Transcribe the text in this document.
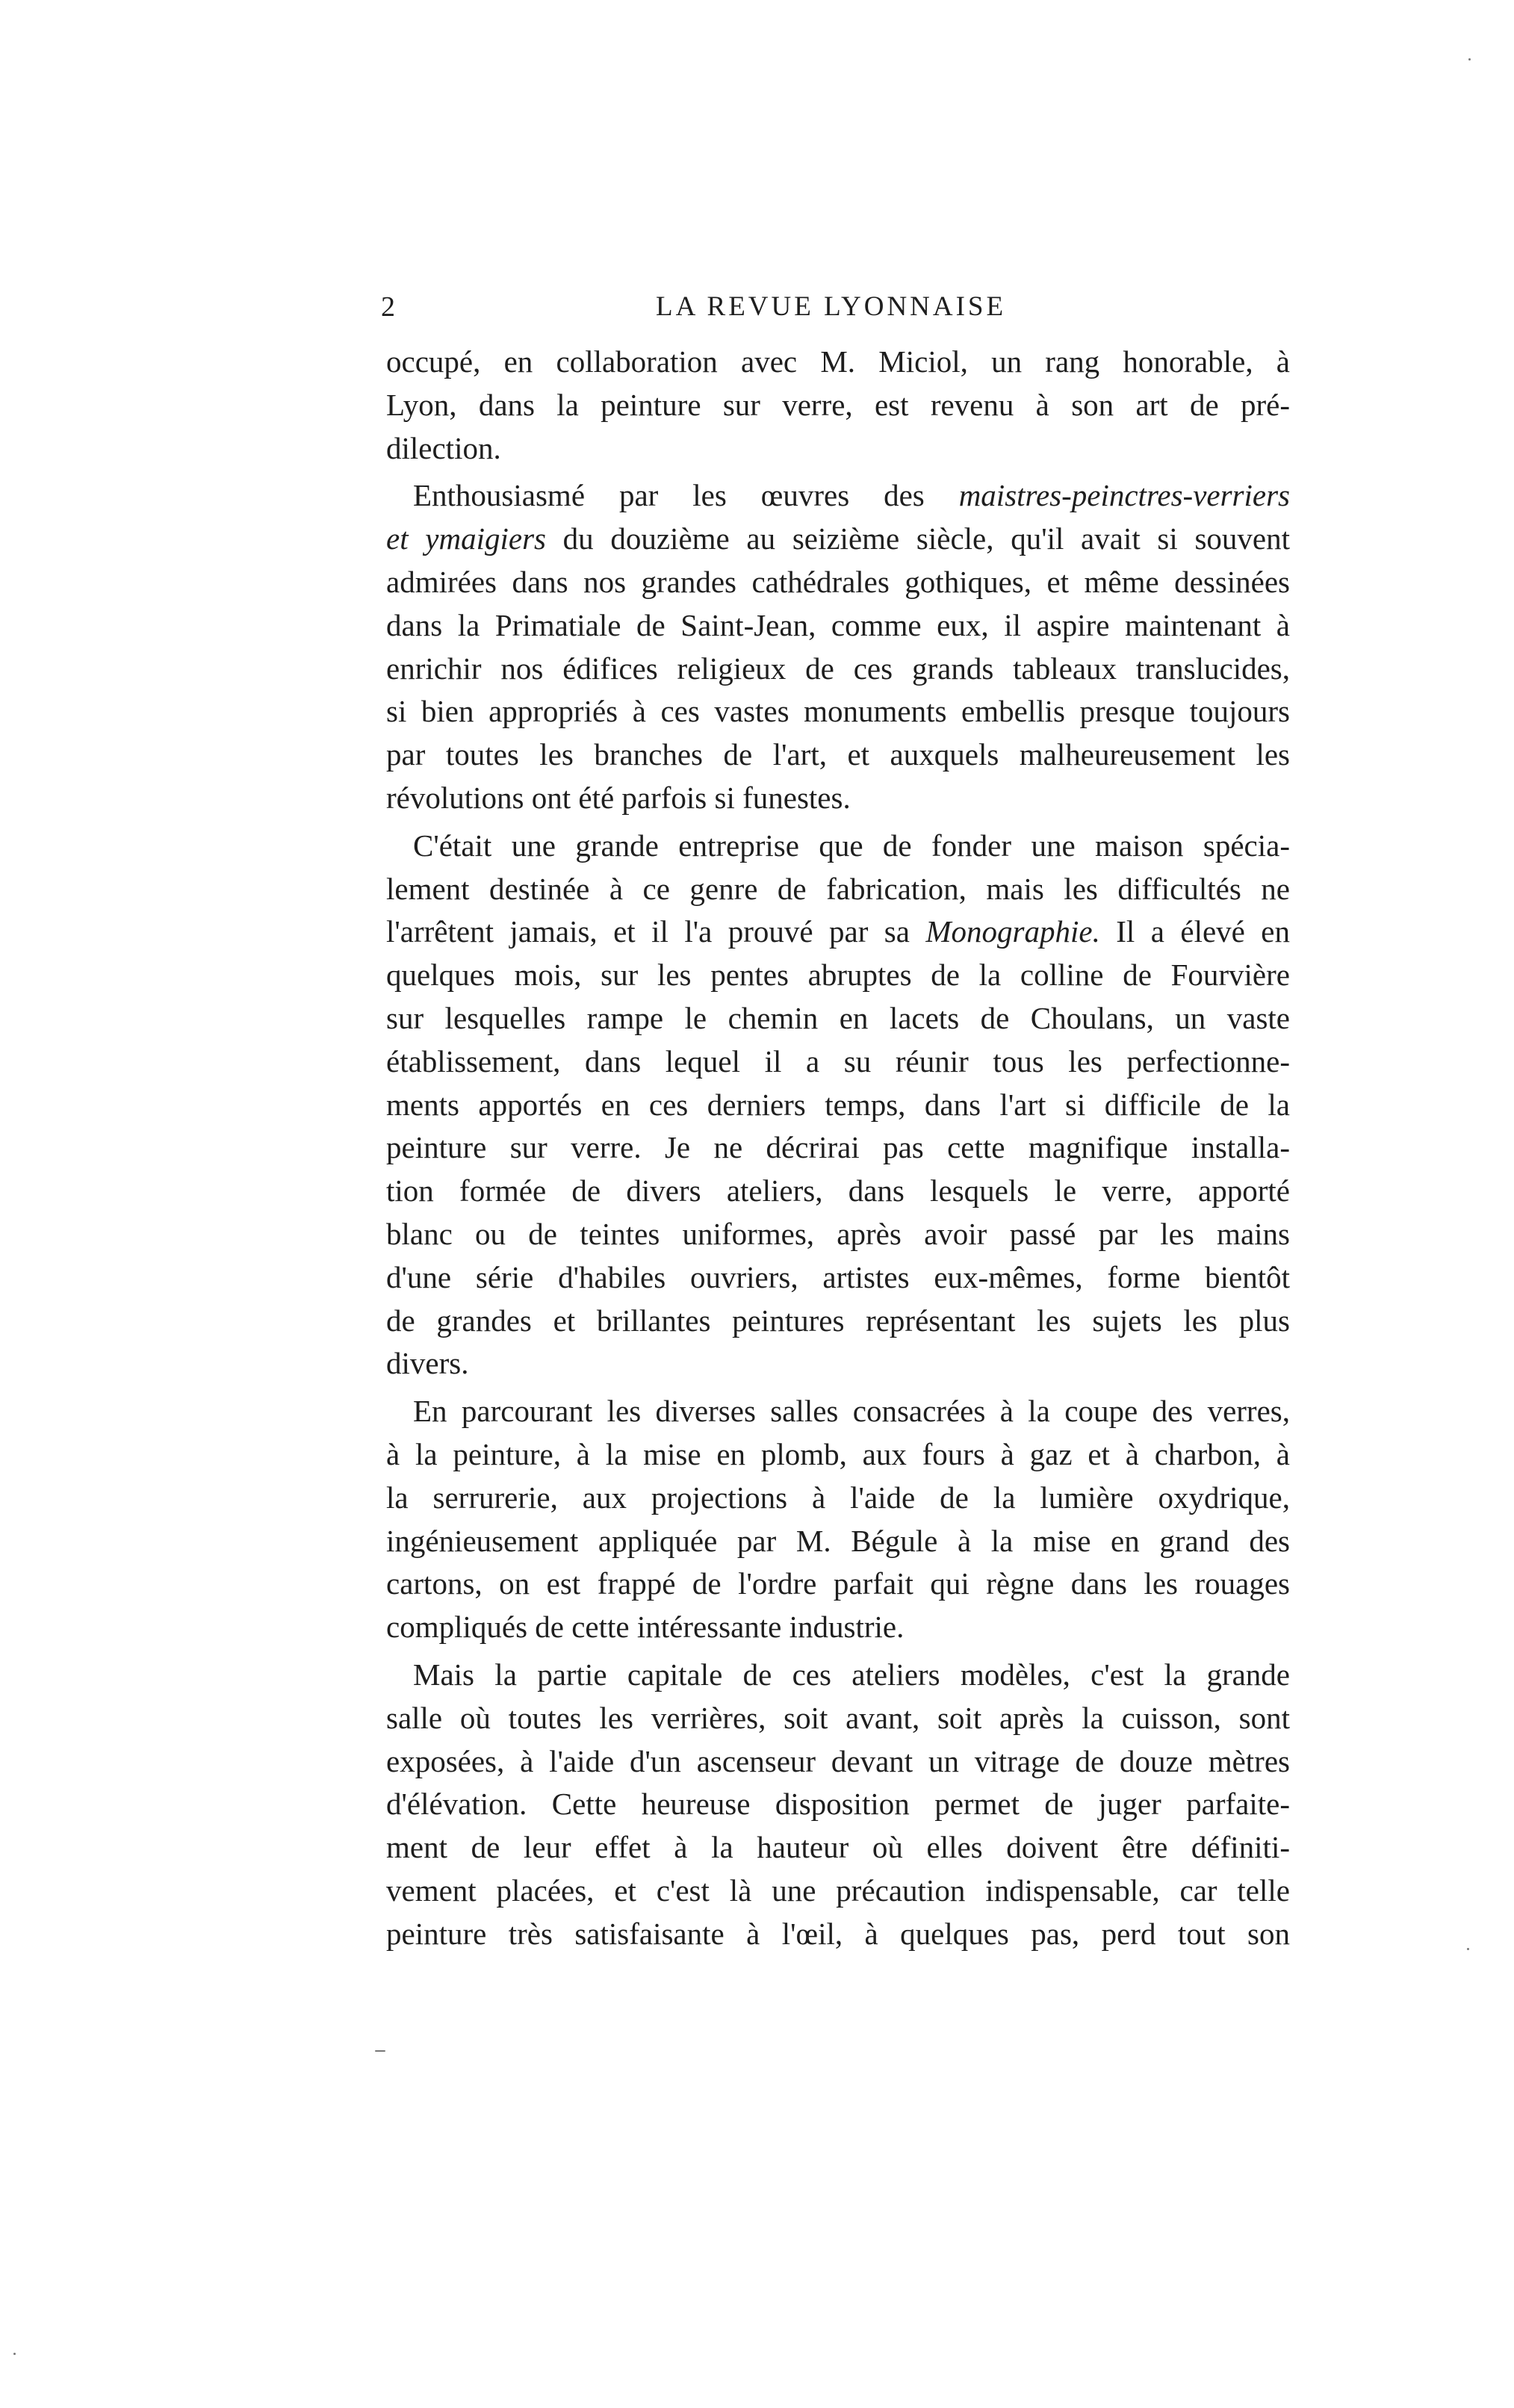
2	LA REVUE LYONNAISE
occupé, en collaboration avec M. Miciol, un rang honorable, à
Lyon, dans la peinture sur verre, est revenu à son art de pré-
dilection.
Enthousiasmé par les œuvres des maistres-peinctres-verriers
et ymaigiers du douzième au seizième siècle, qu'il avait si souvent
admirées dans nos grandes cathédrales gothiques, et même dessinées
dans la Primatiale de Saint-Jean, comme eux, il aspire maintenant à
enrichir nos édifices religieux de ces grands tableaux translucides,
si bien appropriés à ces vastes monuments embellis presque toujours
par toutes les branches de l'art, et auxquels malheureusement les
révolutions ont été parfois si funestes.
C'était une grande entreprise que de fonder une maison spécia-
lement destinée à ce genre de fabrication, mais les difficultés ne
l'arrêtent jamais, et il l'a prouvé par sa Monographie. Il a élevé en
quelques mois, sur les pentes abruptes de la colline de Fourvière
sur lesquelles rampe le chemin en lacets de Choulans, un vaste
établissement, dans lequel il a su réunir tous les perfectionne-
ments apportés en ces derniers temps, dans l'art si difficile de la
peinture sur verre. Je ne décrirai pas cette magnifique installa-
tion formée de divers ateliers, dans lesquels le verre, apporté
blanc ou de teintes uniformes, après avoir passé par les mains
d'une série d'habiles ouvriers, artistes eux-mêmes, forme bientôt
de grandes et brillantes peintures représentant les sujets les plus
divers.
En parcourant les diverses salles consacrées à la coupe des verres,
à la peinture, à la mise en plomb, aux fours à gaz et à charbon, à
la serrurerie, aux projections à l'aide de la lumière oxydrique,
ingénieusement appliquée par M. Bégule à la mise en grand des
cartons, on est frappé de l'ordre parfait qui règne dans les rouages
compliqués de cette intéressante industrie.
Mais la partie capitale de ces ateliers modèles, c'est la grande
salle où toutes les verrières, soit avant, soit après la cuisson, sont
exposées, à l'aide d'un ascenseur devant un vitrage de douze mètres
d'élévation. Cette heureuse disposition permet de juger parfaite-
ment de leur effet à la hauteur où elles doivent être définiti-
vement placées, et c'est là une précaution indispensable, car telle
peinture très satisfaisante à l'œil, à quelques pas, perd tout son
